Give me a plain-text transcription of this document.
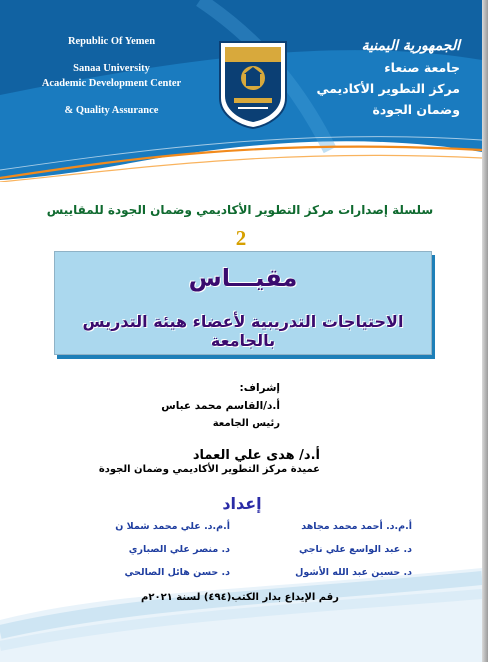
Republic Of Yemen
Sanaa University
Academic Development Center
& Quality Assurance
الجمهورية اليمنية
جامعة صنعاء
مركز التطوير الأكاديمي
وضمان الجودة
سلسلة إصدارات مركز التطوير الأكاديمي وضمان الجودة للمقاييس
2
مقيـــاس
الاحتياجات التدريبية لأعضاء هيئة التدريس بالجامعة
إشراف:
أ.د/القاسم محمد عباس
رئيس الجامعة
أ.د/ هدى علي العماد
عميدة مركز التطوير الأكاديمي وضمان الجودة
إعداد
أ.م.د. أحمد محمد مجاهد
أ.م.د. علي محمد شملا ن
د. عبد الواسع علي ناجي
د. منصر علي الصباري
د. حسين عبد الله الأشول
د. حسن هائل الصالحي
رقم الإيداع بدار الكتب(٤٩٤) لسنة ٢٠٢١م
